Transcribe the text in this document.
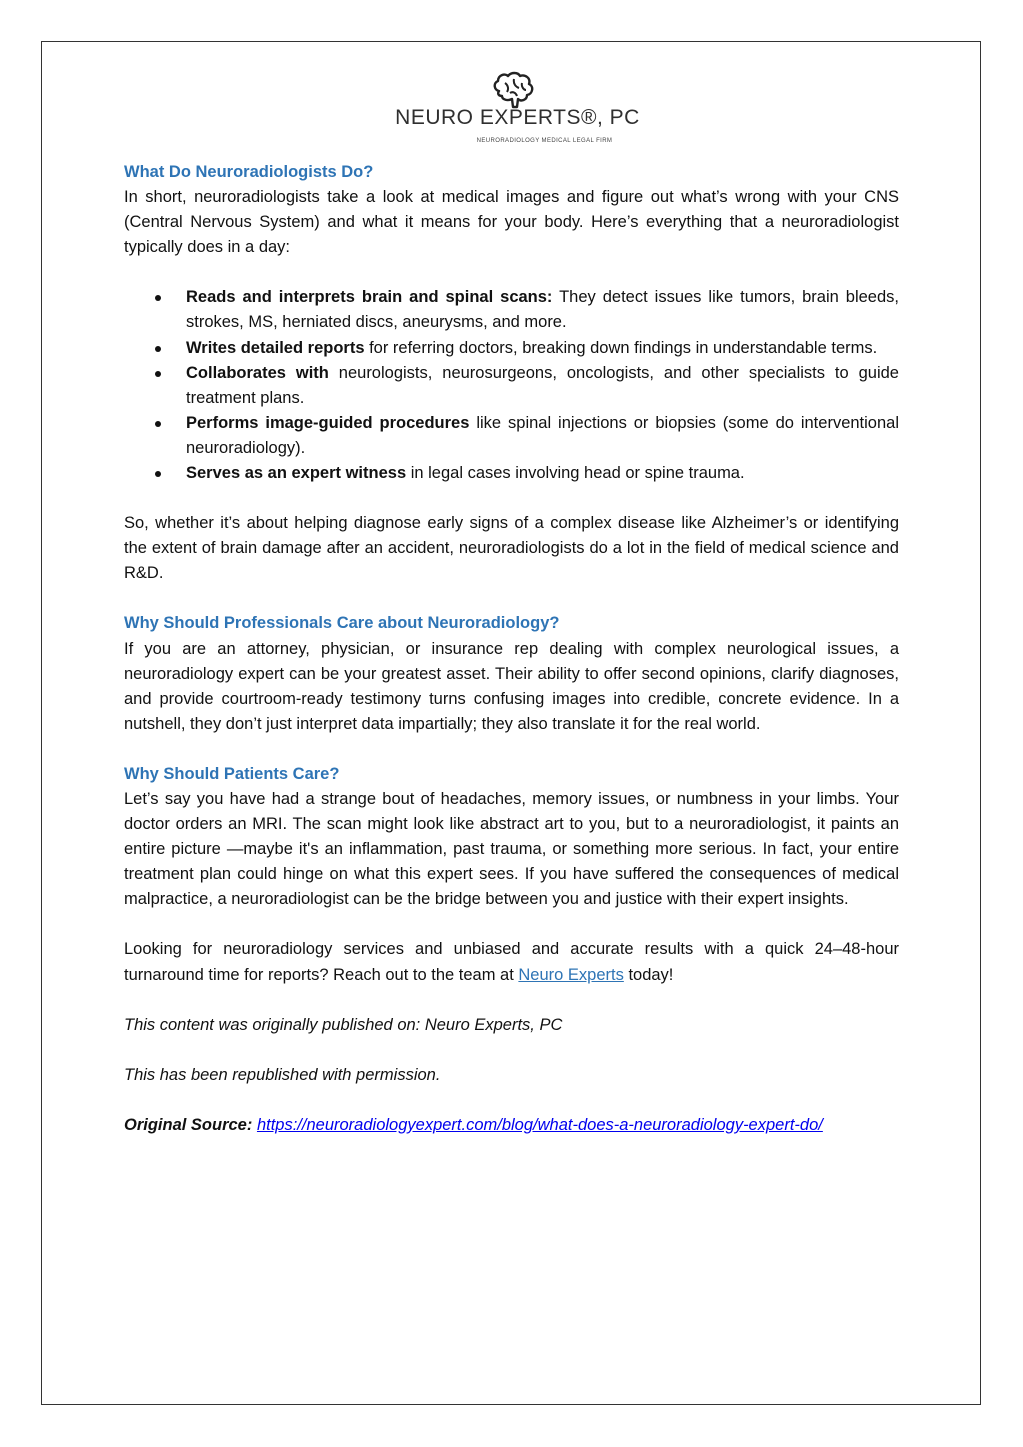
NEURO EXPERTS®, PC
NEURORADIOLOGY MEDICAL LEGAL FIRM

What Do Neuroradiologists Do?

In short, neuroradiologists take a look at medical images and figure out what’s wrong with your CNS (Central Nervous System) and what it means for your body. Here’s everything that a neuroradiologist typically does in a day:

Reads and interprets brain and spinal scans: They detect issues like tumors, brain bleeds, strokes, MS, herniated discs, aneurysms, and more.
Writes detailed reports for referring doctors, breaking down findings in understandable terms.
Collaborates with neurologists, neurosurgeons, oncologists, and other specialists to guide treatment plans.
Performs image-guided procedures like spinal injections or biopsies (some do interventional neuroradiology).
Serves as an expert witness in legal cases involving head or spine trauma.

So, whether it’s about helping diagnose early signs of a complex disease like Alzheimer’s or identifying the extent of brain damage after an accident, neuroradiologists do a lot in the field of medical science and R&D.

Why Should Professionals Care about Neuroradiology?

If you are an attorney, physician, or insurance rep dealing with complex neurological issues, a neuroradiology expert can be your greatest asset. Their ability to offer second opinions, clarify diagnoses, and provide courtroom-ready testimony turns confusing images into credible, concrete evidence. In a nutshell, they don’t just interpret data impartially; they also translate it for the real world.

Why Should Patients Care?

Let’s say you have had a strange bout of headaches, memory issues, or numbness in your limbs. Your doctor orders an MRI. The scan might look like abstract art to you, but to a neuroradiologist, it paints an entire picture —maybe it's an inflammation, past trauma, or something more serious. In fact, your entire treatment plan could hinge on what this expert sees. If you have suffered the consequences of medical malpractice, a neuroradiologist can be the bridge between you and justice with their expert insights.

Looking for neuroradiology services and unbiased and accurate results with a quick 24–48-hour turnaround time for reports? Reach out to the team at Neuro Experts today!

This content was originally published on: Neuro Experts, PC

This has been republished with permission.

Original Source: https://neuroradiologyexpert.com/blog/what-does-a-neuroradiology-expert-do/
